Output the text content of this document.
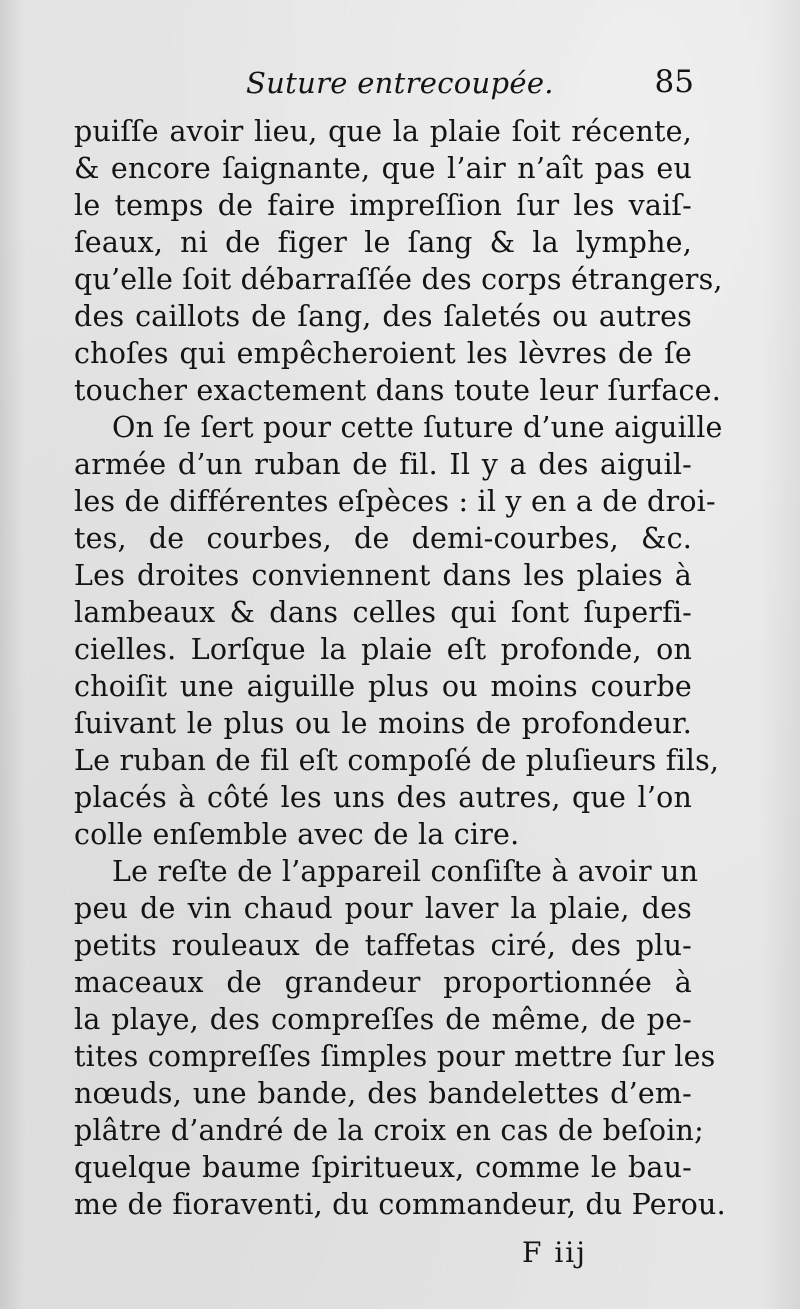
Suture entrecoupée.	85
puiſſe avoir lieu, que la plaie ſoit récente,
& encore ſaignante, que l’air n’aît pas eu
le temps de faire impreſſion ſur les vaiſ-
ſeaux, ni de figer le ſang & la lymphe,
qu’elle ſoit débarraſſée des corps étrangers,
des caillots de ſang, des ſaletés ou autres
choſes qui empêcheroient les lèvres de ſe
toucher exactement dans toute leur ſurface.
On ſe ſert pour cette ſuture d’une aiguille
armée d’un ruban de fil. Il y a des aiguil-
les de différentes eſpèces : il y en a de droi-
tes, de courbes, de demi-courbes, &c.
Les droites conviennent dans les plaies à
lambeaux & dans celles qui ſont ſuperfi-
cielles. Lorſque la plaie eſt profonde, on
choiſit une aiguille plus ou moins courbe
ſuivant le plus ou le moins de profondeur.
Le ruban de fil eſt compoſé de pluſieurs fils,
placés à côté les uns des autres, que l’on
colle enſemble avec de la cire.
Le reſte de l’appareil conſiſte à avoir un
peu de vin chaud pour laver la plaie, des
petits rouleaux de taffetas ciré, des plu-
maceaux de grandeur proportionnée à
la playe, des compreſſes de même, de pe-
tites compreſſes ſimples pour mettre ſur les
nœuds, une bande, des bandelettes d’em-
plâtre d’andré de la croix en cas de beſoin;
quelque baume ſpiritueux, comme le bau-
me de fioraventi, du commandeur, du Perou.
F iij
